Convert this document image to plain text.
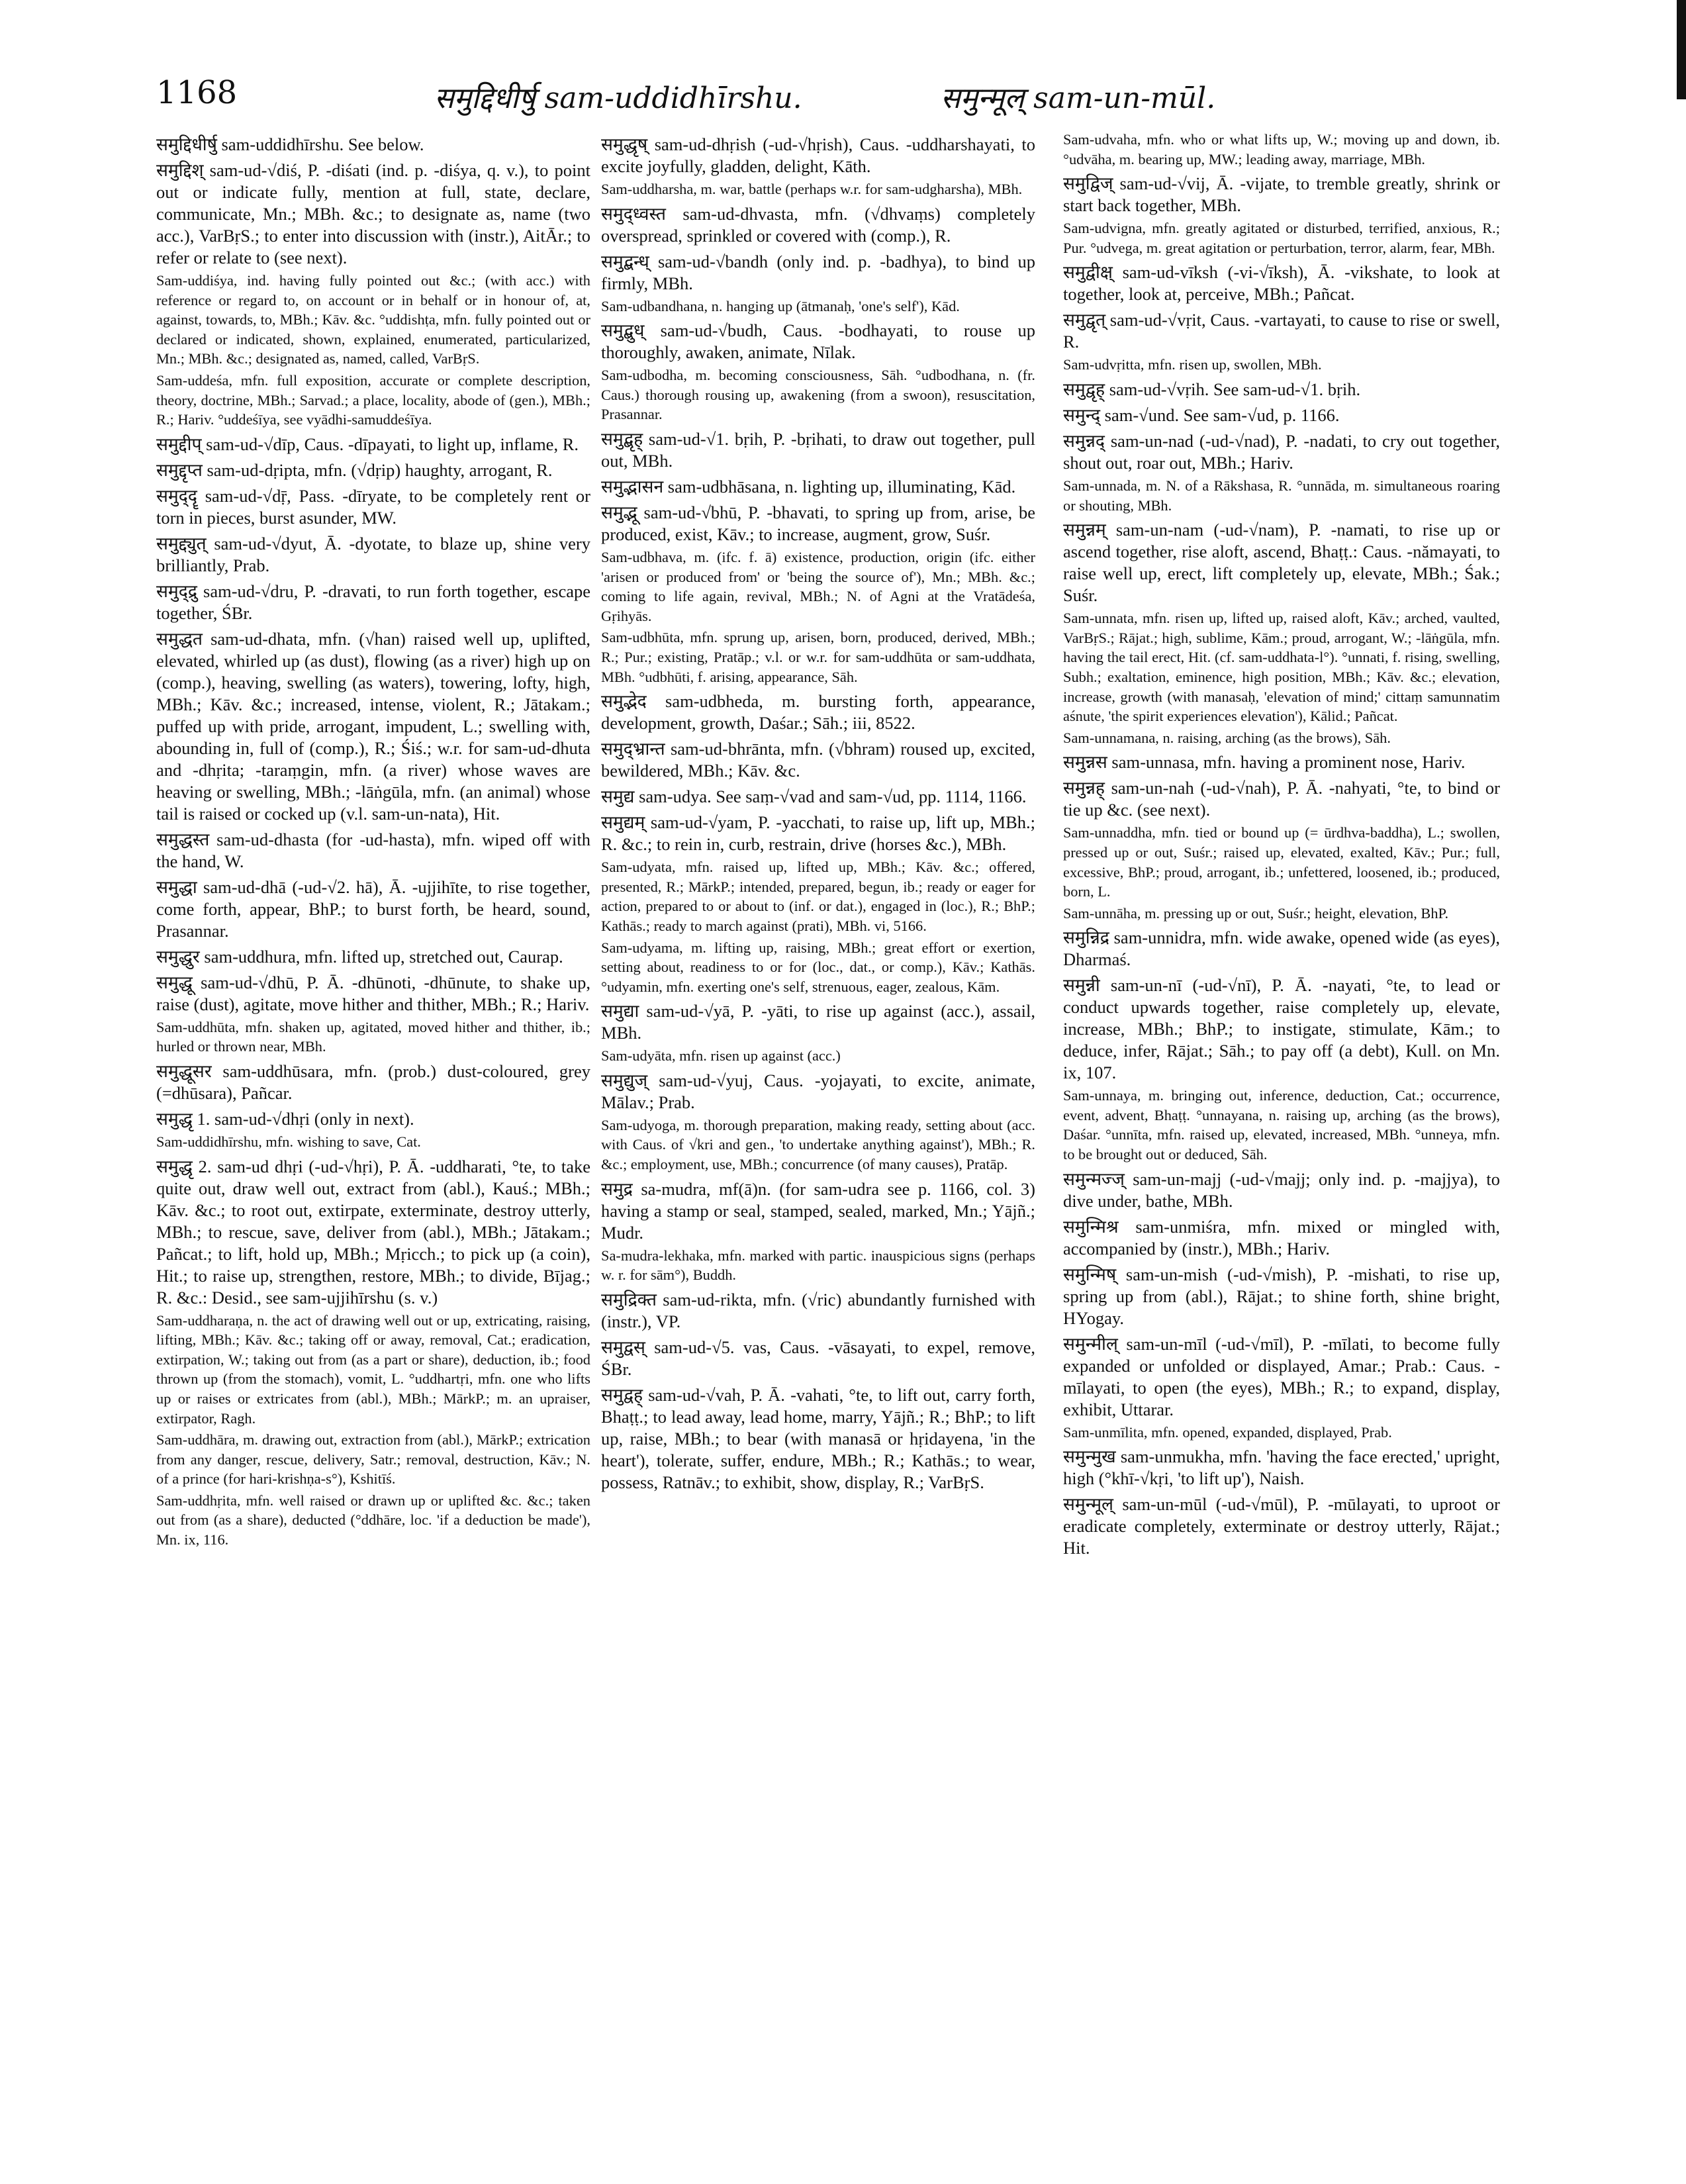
1168	समुद्दिधीर्षु sam-uddidhīrshu.	समुन्मूल् sam-un-mūl.

समुद्दिधीर्षु sam-uddidhīrshu. See below.

समुद्दिश् sam-ud-√diś, P. -diśati (ind. p. -diśya, q. v.), to point out or indicate fully, mention at full, state, declare, communicate, Mn.; MBh. &c.; to designate as, name (two acc.), VarBṛS.; to enter into discussion with (instr.), AitĀr.; to refer or relate to (see next).

Sam-uddiśya, ind. having fully pointed out &c.; (with acc.) with reference or regard to, on account or in behalf or in honour of, at, against, towards, to, MBh.; Kāv. &c. °uddishṭa, mfn. fully pointed out or declared or indicated, shown, explained, enumerated, particularized, Mn.; MBh. &c.; designated as, named, called, VarBṛS.

Sam-uddeśa, mfn. full exposition, accurate or complete description, theory, doctrine, MBh.; Sarvad.; a place, locality, abode of (gen.), MBh.; R.; Hariv. °uddeśīya, see vyādhi-samuddeśīya.

समुद्दीप् sam-ud-√dīp, Caus. -dīpayati, to light up, inflame, R.

समुद्दृप्त sam-ud-dṛipta, mfn. (√dṛip) haughty, arrogant, R.

समुद्दॄ sam-ud-√dṝ, Pass. -dīryate, to be completely rent or torn in pieces, burst asunder, MW.

समुद्द्युत् sam-ud-√dyut, Ā. -dyotate, to blaze up, shine very brilliantly, Prab.

समुद्द्रु sam-ud-√dru, P. -dravati, to run forth together, escape together, ŚBr.

समुद्धत sam-ud-dhata, mfn. (√han) raised well up, uplifted, elevated, whirled up (as dust), flowing (as a river) high up on (comp.), heaving, swelling (as waters), towering, lofty, high, MBh.; Kāv. &c.; increased, intense, violent, R.; Jātakam.; puffed up with pride, arrogant, impudent, L.; swelling with, abounding in, full of (comp.), R.; Śiś.; w.r. for sam-ud-dhuta and -dhṛita; -taraṃgin, mfn. (a river) whose waves are heaving or swelling, MBh.; -lāṅgūla, mfn. (an animal) whose tail is raised or cocked up (v.l. sam-un-nata), Hit.

समुद्धस्त sam-ud-dhasta (for -ud-hasta), mfn. wiped off with the hand, W.

समुद्धा sam-ud-dhā (-ud-√2. hā), Ā. -ujjihīte, to rise together, come forth, appear, BhP.; to burst forth, be heard, sound, Prasannar.

समुद्धुर sam-uddhura, mfn. lifted up, stretched out, Caurap.

समुद्धू sam-ud-√dhū, P. Ā. -dhūnoti, -dhūnute, to shake up, raise (dust), agitate, move hither and thither, MBh.; R.; Hariv.

Sam-uddhūta, mfn. shaken up, agitated, moved hither and thither, ib.; hurled or thrown near, MBh.

समुद्धूसर sam-uddhūsara, mfn. (prob.) dust-coloured, grey (=dhūsara), Pañcar.

समुद्धृ 1. sam-ud-√dhṛi (only in next).

Sam-uddidhīrshu, mfn. wishing to save, Cat.

समुद्धृ 2. sam-ud dhṛi (-ud-√hṛi), P. Ā. -uddharati, °te, to take quite out, draw well out, extract from (abl.), Kauś.; MBh.; Kāv. &c.; to root out, extirpate, exterminate, destroy utterly, MBh.; to rescue, save, deliver from (abl.), MBh.; Jātakam.; Pañcat.; to lift, hold up, MBh.; Mṛicch.; to pick up (a coin), Hit.; to raise up, strengthen, restore, MBh.; to divide, Bījag.; R. &c.: Desid., see sam-ujjihīrshu (s. v.)

Sam-uddharaṇa, n. the act of drawing well out or up, extricating, raising, lifting, MBh.; Kāv. &c.; taking off or away, removal, Cat.; eradication, extirpation, W.; taking out from (as a part or share), deduction, ib.; food thrown up (from the stomach), vomit, L. °uddhartṛi, mfn. one who lifts up or raises or extricates from (abl.), MBh.; MārkP.; m. an upraiser, extirpator, Ragh.

Sam-uddhāra, m. drawing out, extraction from (abl.), MārkP.; extrication from any danger, rescue, delivery, Satr.; removal, destruction, Kāv.; N. of a prince (for hari-krishṇa-s°), Kshitīś.

Sam-uddhṛita, mfn. well raised or drawn up or uplifted &c. &c.; taken out from (as a share), deducted (°ddhāre, loc. 'if a deduction be made'), Mn. ix, 116.

समुद्धृष् sam-ud-dhṛish (-ud-√hṛish), Caus. -uddharshayati, to excite joyfully, gladden, delight, Kāth.

Sam-uddharsha, m. war, battle (perhaps w.r. for sam-udgharsha), MBh.

समुद्ध्वस्त sam-ud-dhvasta, mfn. (√dhvaṃs) completely overspread, sprinkled or covered with (comp.), R.

समुद्बन्ध् sam-ud-√bandh (only ind. p. -badhya), to bind up firmly, MBh.

Sam-udbandhana, n. hanging up (ātmanaḥ, 'one's self'), Kād.

समुद्बुध् sam-ud-√budh, Caus. -bodhayati, to rouse up thoroughly, awaken, animate, Nīlak.

Sam-udbodha, m. becoming consciousness, Sāh. °udbodhana, n. (fr. Caus.) thorough rousing up, awakening (from a swoon), resuscitation, Prasannar.

समुद्बृह् sam-ud-√1. bṛih, P. -bṛihati, to draw out together, pull out, MBh.

समुद्भासन sam-udbhāsana, n. lighting up, illuminating, Kād.

समुद्भू sam-ud-√bhū, P. -bhavati, to spring up from, arise, be produced, exist, Kāv.; to increase, augment, grow, Suśr.

Sam-udbhava, m. (ifc. f. ā) existence, production, origin (ifc. either 'arisen or produced from' or 'being the source of'), Mn.; MBh. &c.; coming to life again, revival, MBh.; N. of Agni at the Vratādeśa, Gṛihyās.

Sam-udbhūta, mfn. sprung up, arisen, born, produced, derived, MBh.; R.; Pur.; existing, Pratāp.; v.l. or w.r. for sam-uddhūta or sam-uddhata, MBh. °udbhūti, f. arising, appearance, Sāh.

समुद्भेद sam-udbheda, m. bursting forth, appearance, development, growth, Daśar.; Sāh.; iii, 8522.

समुद्भ्रान्त sam-ud-bhrānta, mfn. (√bhram) roused up, excited, bewildered, MBh.; Kāv. &c.

समुद्य sam-udya. See saṃ-√vad and sam-√ud, pp. 1114, 1166.

समुद्यम् sam-ud-√yam, P. -yacchati, to raise up, lift up, MBh.; R. &c.; to rein in, curb, restrain, drive (horses &c.), MBh.

Sam-udyata, mfn. raised up, lifted up, MBh.; Kāv. &c.; offered, presented, R.; MārkP.; intended, prepared, begun, ib.; ready or eager for action, prepared to or about to (inf. or dat.), engaged in (loc.), R.; BhP.; Kathās.; ready to march against (prati), MBh. vi, 5166.

Sam-udyama, m. lifting up, raising, MBh.; great effort or exertion, setting about, readiness to or for (loc., dat., or comp.), Kāv.; Kathās. °udyamin, mfn. exerting one's self, strenuous, eager, zealous, Kām.

समुद्या sam-ud-√yā, P. -yāti, to rise up against (acc.), assail, MBh.

Sam-udyāta, mfn. risen up against (acc.)

समुद्युज् sam-ud-√yuj, Caus. -yojayati, to excite, animate, Mālav.; Prab.

Sam-udyoga, m. thorough preparation, making ready, setting about (acc. with Caus. of √kri and gen., 'to undertake anything against'), MBh.; R. &c.; employment, use, MBh.; concurrence (of many causes), Pratāp.

समुद्र sa-mudra, mf(ā)n. (for sam-udra see p. 1166, col. 3) having a stamp or seal, stamped, sealed, marked, Mn.; Yājñ.; Mudr.

Sa-mudra-lekhaka, mfn. marked with partic. inauspicious signs (perhaps w. r. for sām°), Buddh.

समुद्रिक्त sam-ud-rikta, mfn. (√ric) abundantly furnished with (instr.), VP.

समुद्वस् sam-ud-√5. vas, Caus. -vāsayati, to expel, remove, ŚBr.

समुद्वह् sam-ud-√vah, P. Ā. -vahati, °te, to lift out, carry forth, Bhaṭṭ.; to lead away, lead home, marry, Yājñ.; R.; BhP.; to lift up, raise, MBh.; to bear (with manasā or hṛidayena, 'in the heart'), tolerate, suffer, endure, MBh.; R.; Kathās.; to wear, possess, Ratnāv.; to exhibit, show, display, R.; VarBṛS.

Sam-udvaha, mfn. who or what lifts up, W.; moving up and down, ib. °udvāha, m. bearing up, MW.; leading away, marriage, MBh.

समुद्विज् sam-ud-√vij, Ā. -vijate, to tremble greatly, shrink or start back together, MBh.

Sam-udvigna, mfn. greatly agitated or disturbed, terrified, anxious, R.; Pur. °udvega, m. great agitation or perturbation, terror, alarm, fear, MBh.

समुद्वीक्ष् sam-ud-vīksh (-vi-√īksh), Ā. -vikshate, to look at together, look at, perceive, MBh.; Pañcat.

समुद्वृत् sam-ud-√vṛit, Caus. -vartayati, to cause to rise or swell, R.

Sam-udvṛitta, mfn. risen up, swollen, MBh.

समुद्वृह् sam-ud-√vṛih. See sam-ud-√1. bṛih.

समुन्द् sam-√und. See sam-√ud, p. 1166.

समुन्नद् sam-un-nad (-ud-√nad), P. -nadati, to cry out together, shout out, roar out, MBh.; Hariv.

Sam-unnada, m. N. of a Rākshasa, R. °unnāda, m. simultaneous roaring or shouting, MBh.

समुन्नम् sam-un-nam (-ud-√nam), P. -namati, to rise up or ascend together, rise aloft, ascend, Bhaṭṭ.: Caus. -nămayati, to raise well up, erect, lift completely up, elevate, MBh.; Śak.; Suśr.

Sam-unnata, mfn. risen up, lifted up, raised aloft, Kāv.; arched, vaulted, VarBṛS.; Rājat.; high, sublime, Kām.; proud, arrogant, W.; -lāṅgūla, mfn. having the tail erect, Hit. (cf. sam-uddhata-l°). °unnati, f. rising, swelling, Subh.; exaltation, eminence, high position, MBh.; Kāv. &c.; elevation, increase, growth (with manasaḥ, 'elevation of mind;' cittaṃ samunnatim aśnute, 'the spirit experiences elevation'), Kālid.; Pañcat.

Sam-unnamana, n. raising, arching (as the brows), Sāh.

समुन्नस sam-unnasa, mfn. having a prominent nose, Hariv.

समुन्नह् sam-un-nah (-ud-√nah), P. Ā. -nahyati, °te, to bind or tie up &c. (see next).

Sam-unnaddha, mfn. tied or bound up (= ūrdhva-baddha), L.; swollen, pressed up or out, Suśr.; raised up, elevated, exalted, Kāv.; Pur.; full, excessive, BhP.; proud, arrogant, ib.; unfettered, loosened, ib.; produced, born, L.

Sam-unnāha, m. pressing up or out, Suśr.; height, elevation, BhP.

समुन्निद्र sam-unnidra, mfn. wide awake, opened wide (as eyes), Dharmaś.

समुन्नी sam-un-nī (-ud-√nī), P. Ā. -nayati, °te, to lead or conduct upwards together, raise completely up, elevate, increase, MBh.; BhP.; to instigate, stimulate, Kām.; to deduce, infer, Rājat.; Sāh.; to pay off (a debt), Kull. on Mn. ix, 107.

Sam-unnaya, m. bringing out, inference, deduction, Cat.; occurrence, event, advent, Bhaṭṭ. °unnayana, n. raising up, arching (as the brows), Daśar. °unnīta, mfn. raised up, elevated, increased, MBh. °unneya, mfn. to be brought out or deduced, Sāh.

समुन्मज्ज् sam-un-majj (-ud-√majj; only ind. p. -majjya), to dive under, bathe, MBh.

समुन्मिश्र sam-unmiśra, mfn. mixed or mingled with, accompanied by (instr.), MBh.; Hariv.

समुन्मिष् sam-un-mish (-ud-√mish), P. -mishati, to rise up, spring up from (abl.), Rājat.; to shine forth, shine bright, HYogay.

समुन्मील् sam-un-mīl (-ud-√mīl), P. -mīlati, to become fully expanded or unfolded or displayed, Amar.; Prab.: Caus. -mīlayati, to open (the eyes), MBh.; R.; to expand, display, exhibit, Uttarar.

Sam-unmīlita, mfn. opened, expanded, displayed, Prab.

समुन्मुख sam-unmukha, mfn. 'having the face erected,' upright, high (°khī-√kṛi, 'to lift up'), Naish.

समुन्मूल् sam-un-mūl (-ud-√mūl), P. -mūlayati, to uproot or eradicate completely, exterminate or destroy utterly, Rājat.; Hit.
